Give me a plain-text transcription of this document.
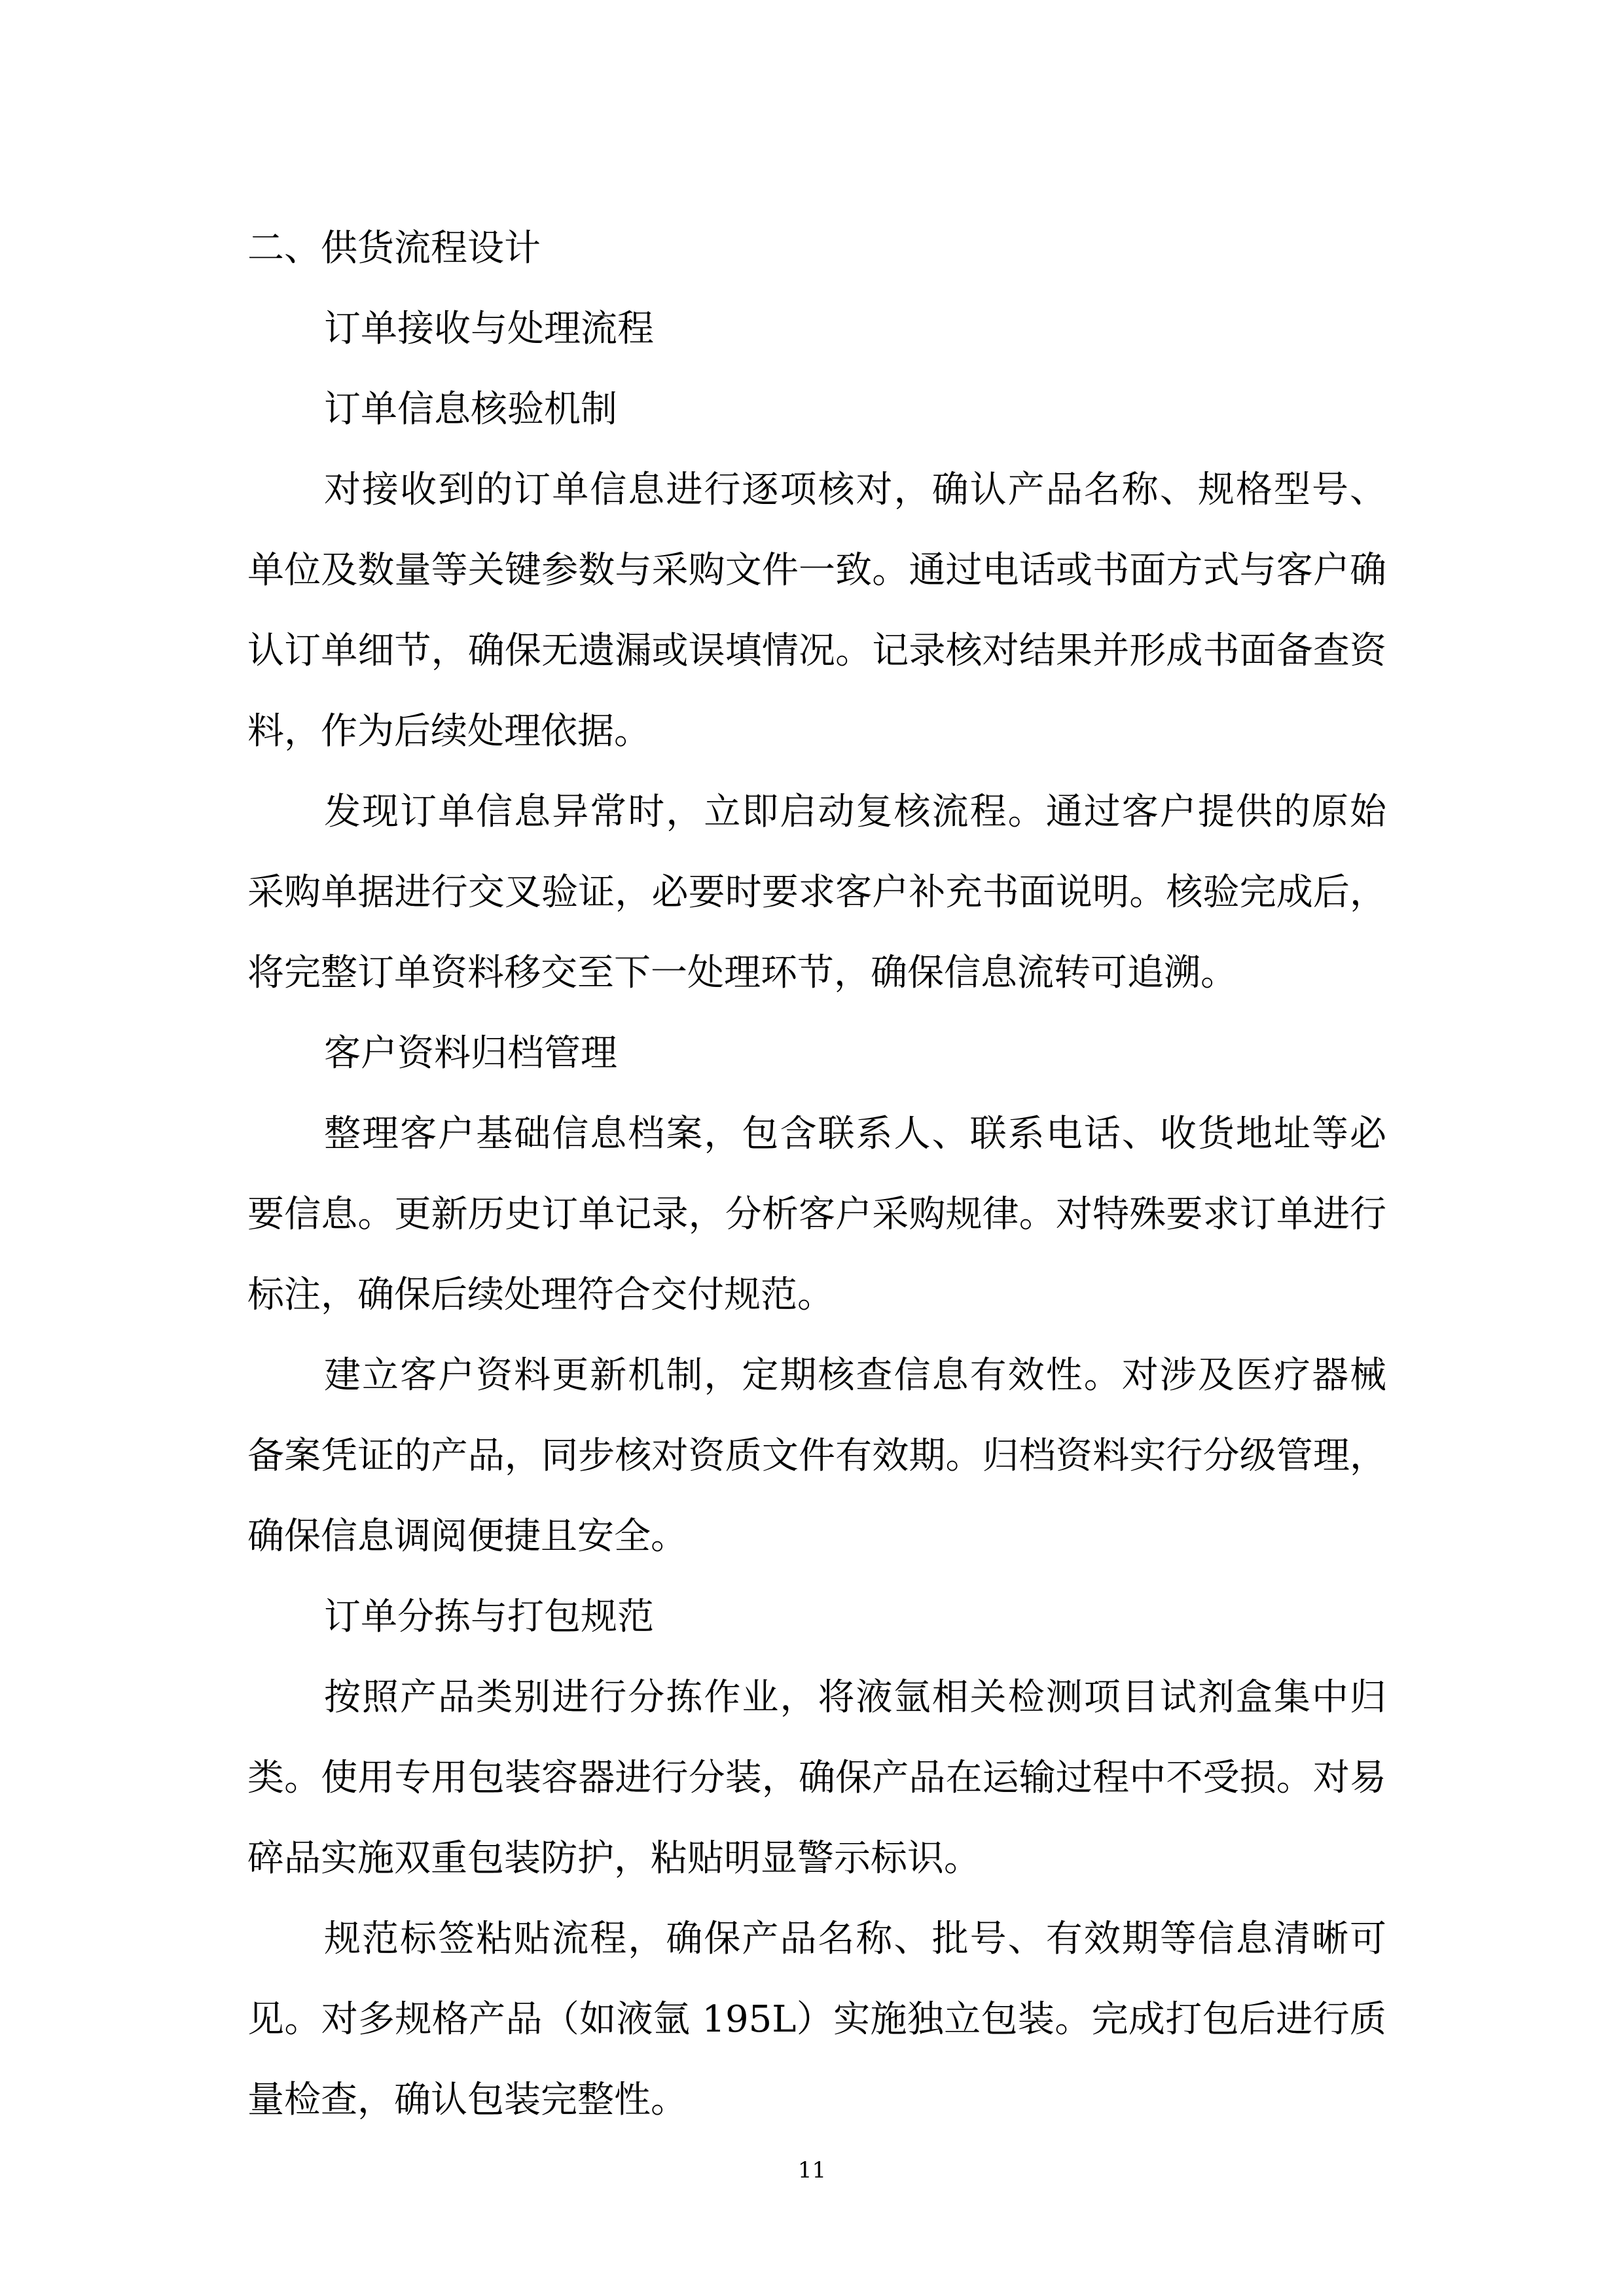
二、供货流程设计

订单接收与处理流程

订单信息核验机制

对接收到的订单信息进行逐项核对，确认产品名称、规格型号、单位及数量等关键参数与采购文件一致。通过电话或书面方式与客户确认订单细节，确保无遗漏或误填情况。记录核对结果并形成书面备查资料，作为后续处理依据。

发现订单信息异常时，立即启动复核流程。通过客户提供的原始采购单据进行交叉验证，必要时要求客户补充书面说明。核验完成后，将完整订单资料移交至下一处理环节，确保信息流转可追溯。

客户资料归档管理

整理客户基础信息档案，包含联系人、联系电话、收货地址等必要信息。更新历史订单记录，分析客户采购规律。对特殊要求订单进行标注，确保后续处理符合交付规范。

建立客户资料更新机制，定期核查信息有效性。对涉及医疗器械备案凭证的产品，同步核对资质文件有效期。归档资料实行分级管理，确保信息调阅便捷且安全。

订单分拣与打包规范

按照产品类别进行分拣作业，将液氩相关检测项目试剂盒集中归类。使用专用包装容器进行分装，确保产品在运输过程中不受损。对易碎品实施双重包装防护，粘贴明显警示标识。

规范标签粘贴流程，确保产品名称、批号、有效期等信息清晰可见。对多规格产品（如液氩 195L）实施独立包装。完成打包后进行质量检查，确认包装完整性。

11
